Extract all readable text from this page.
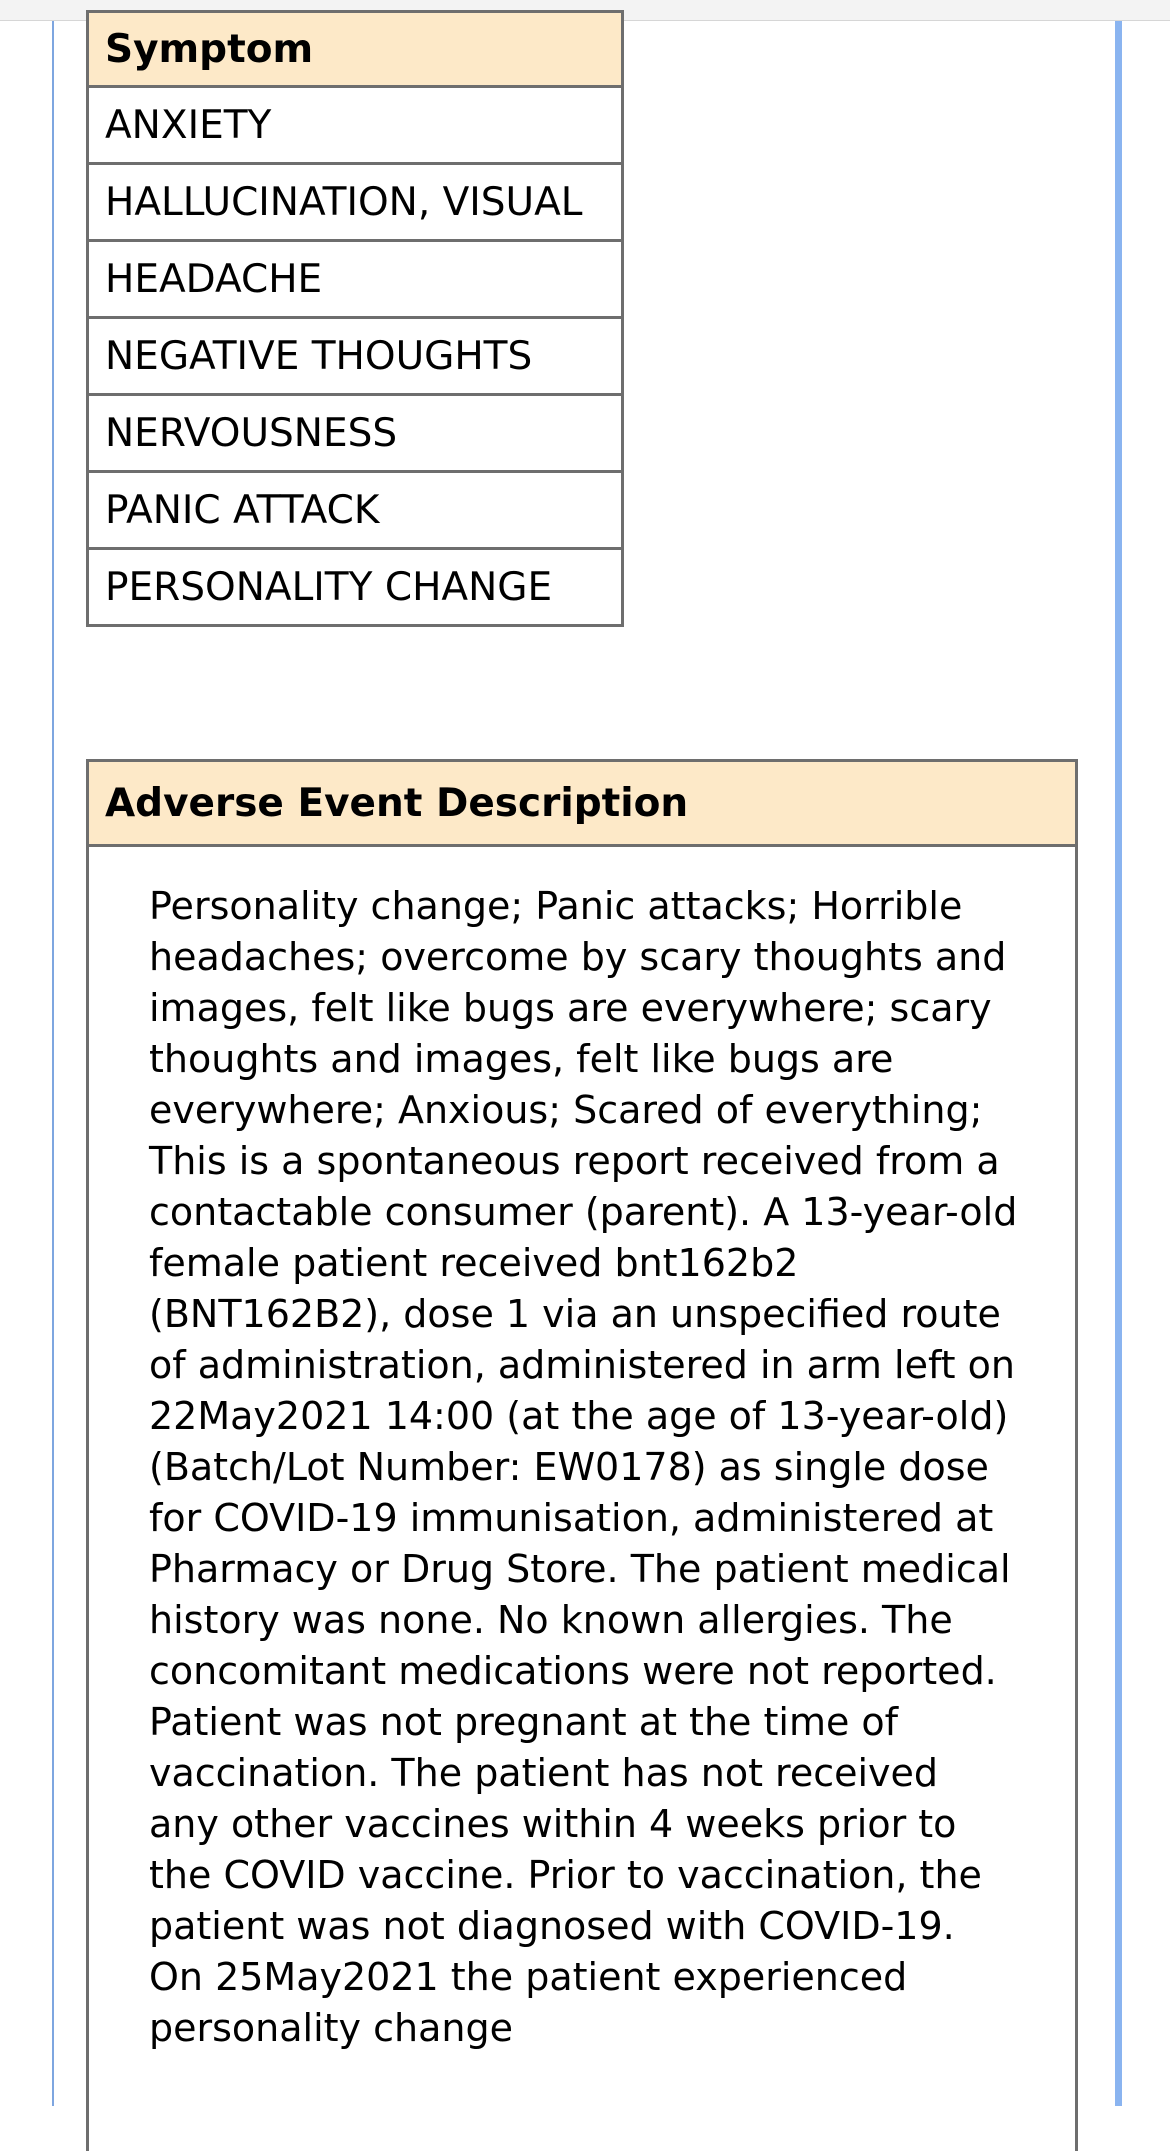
Symptom
ANXIETY
HALLUCINATION, VISUAL
HEADACHE
NEGATIVE THOUGHTS
NERVOUSNESS
PANIC ATTACK
PERSONALITY CHANGE
Adverse Event Description

Personality change; Panic attacks; Horrible headaches; overcome by scary thoughts and images, felt like bugs are everywhere; scary thoughts and images, felt like bugs are everywhere; Anxious; Scared of everything; This is a spontaneous report received from a contactable consumer (parent). A 13-year-old female patient received bnt162b2 (BNT162B2), dose 1 via an unspecified route of administration, administered in arm left on 22May2021 14:00 (at the age of 13-year-old) (Batch/Lot Number: EW0178) as single dose for COVID-19 immunisation, administered at Pharmacy or Drug Store. The patient medical history was none. No known allergies. The concomitant medications were not reported. Patient was not pregnant at the time of vaccination. The patient has not received any other vaccines within 4 weeks prior to the COVID vaccine. Prior to vaccination, the patient was not diagnosed with COVID-19. On 25May2021 the patient experienced personality change
